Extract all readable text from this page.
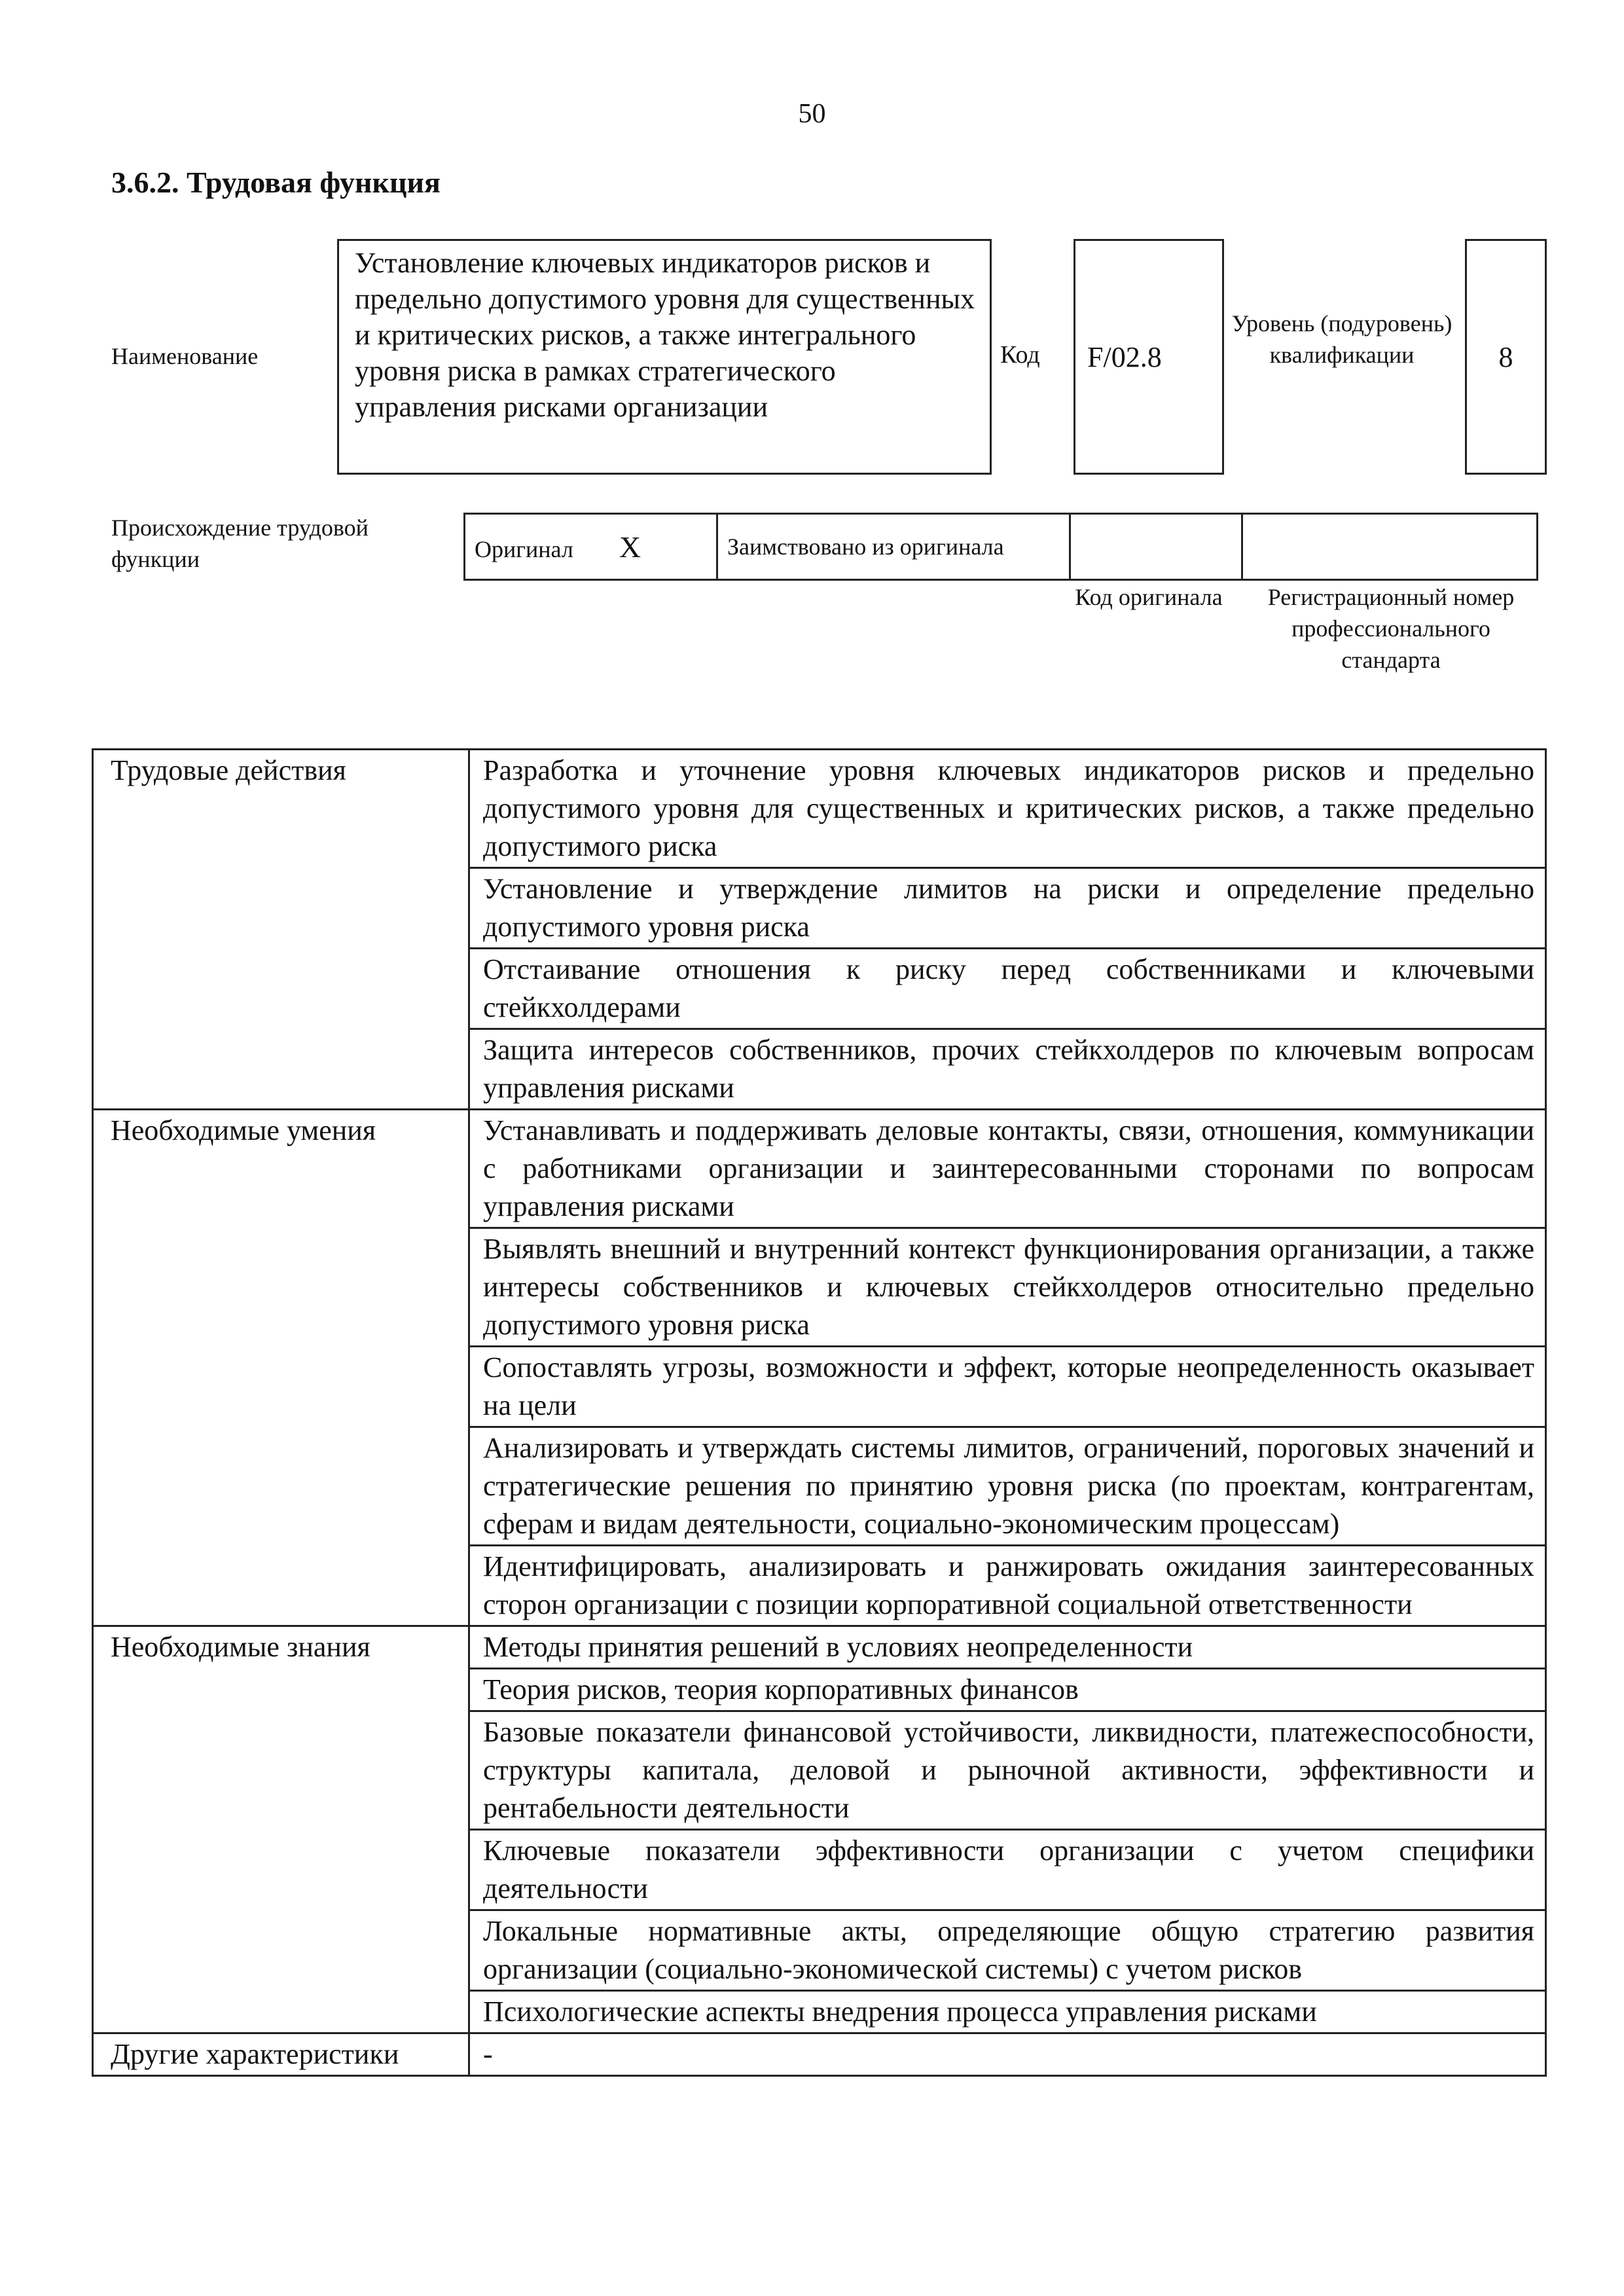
50
3.6.2. Трудовая функция
Наименование
Установление ключевых индикаторов рисков и предельно допустимого уровня для существенных и критических рисков, а также интегрального уровня риска в рамках стратегического управления рисками организации
Код	F/02.8
Уровень (подуровень) квалификации	8
Происхождение трудовой функции	Оригинал X	Заимствовано из оригинала		
Код оригинала	Регистрационный номер профессионального стандарта
Трудовые действия	Разработка и уточнение уровня ключевых индикаторов рисков и предельно допустимого уровня для существенных и критических рисков, а также предельно допустимого риска
	Установление и утверждение лимитов на риски и определение предельно допустимого уровня риска
	Отстаивание отношения к риску перед собственниками и ключевыми стейкхолдерами
	Защита интересов собственников, прочих стейкхолдеров по ключевым вопросам управления рисками
Необходимые умения	Устанавливать и поддерживать деловые контакты, связи, отношения, коммуникации с работниками организации и заинтересованными сторонами по вопросам управления рисками
	Выявлять внешний и внутренний контекст функционирования организации, а также интересы собственников и ключевых стейкхолдеров относительно предельно допустимого уровня риска
	Сопоставлять угрозы, возможности и эффект, которые неопределенность оказывает на цели
	Анализировать и утверждать системы лимитов, ограничений, пороговых значений и стратегические решения по принятию уровня риска (по проектам, контрагентам, сферам и видам деятельности, социально-экономическим процессам)
	Идентифицировать, анализировать и ранжировать ожидания заинтересованных сторон организации с позиции корпоративной социальной ответственности
Необходимые знания	Методы принятия решений в условиях неопределенности
	Теория рисков, теория корпоративных финансов
	Базовые показатели финансовой устойчивости, ликвидности, платежеспособности, структуры капитала, деловой и рыночной активности, эффективности и рентабельности деятельности
	Ключевые показатели эффективности организации с учетом специфики деятельности
	Локальные нормативные акты, определяющие общую стратегию развития организации (социально-экономической системы) с учетом рисков
	Психологические аспекты внедрения процесса управления рисками
Другие характеристики	-
